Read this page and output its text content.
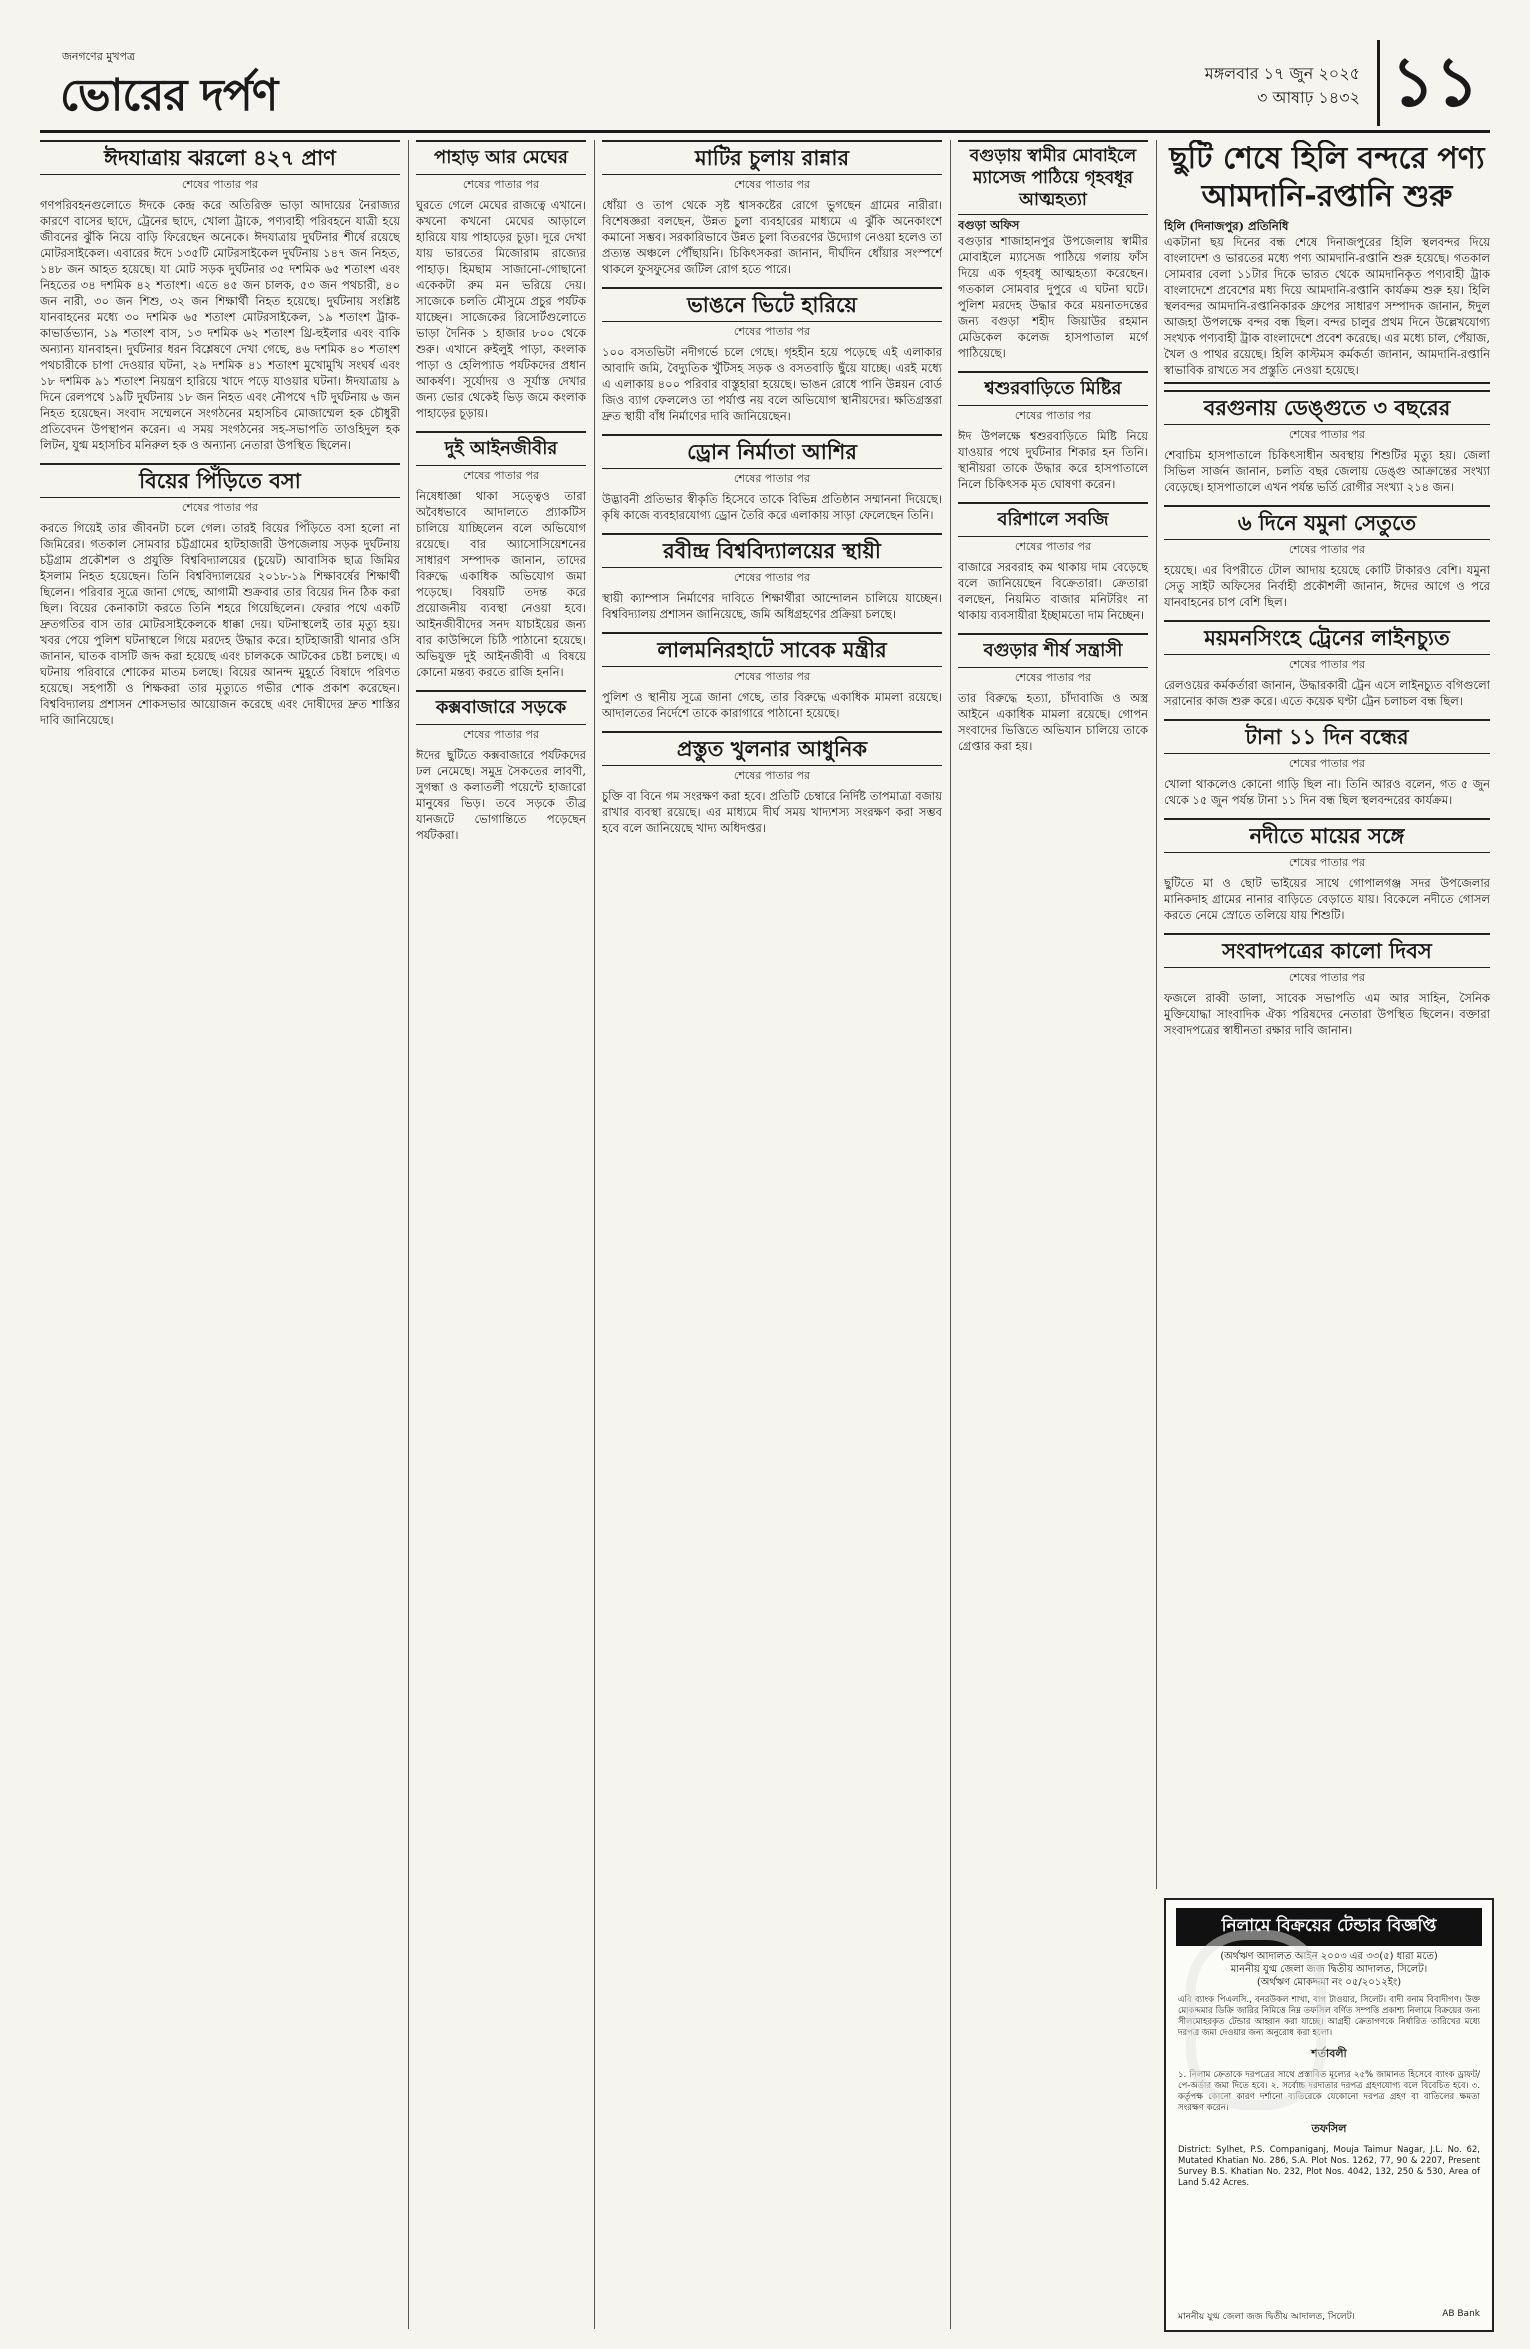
জনগণের মুখপত্র
ভোরের দর্পণ	মঙ্গলবার ১৭ জুন ২০২৫
৩ আষাঢ় ১৪৩২ ১১
ঈদযাত্রায় ঝরলো ৪২৭ প্রাণ
শেষের পাতার পর

গণপরিবহনগুলোতে ঈদকে কেন্দ্র করে অতিরিক্ত ভাড়া আদায়ের নৈরাজ্যর কারণে বাসের ছাদে, ট্রেনের ছাদে, খোলা ট্রাকে, পণ্যবাহী পরিবহনে যাত্রী হয়ে জীবনের ঝুঁকি নিয়ে বাড়ি ফিরেছেন অনেকে। ঈদযাত্রায় দুর্ঘটনার শীর্ষে রয়েছে মোটরসাইকেল। এবারের ঈদে ১৩৫টি মোটরসাইকেল দুর্ঘটনায় ১৪৭ জন নিহত, ১৪৮ জন আহত হয়েছে। যা মোট সড়ক দুর্ঘটনার ৩৫ দশমিক ৬৫ শতাংশ এবং নিহতের ৩৪ দশমিক ৪২ শতাংশ। এতে ৪৫ জন চালক, ৫৩ জন পথচারী, ৪০ জন নারী, ৩০ জন শিশু, ৩২ জন শিক্ষার্থী নিহত হয়েছে। দুর্ঘটনায় সংশ্লিষ্ট যানবাহনের মধ্যে ৩০ দশমিক ৬৫ শতাংশ মোটরসাইকেল, ১৯ শতাংশ ট্রাক-কাভার্ডভ্যান, ১৯ শতাংশ বাস, ১৩ দশমিক ৬২ শতাংশ থ্রি-হুইলার এবং বাকি অন্যান্য যানবাহন। দুর্ঘটনার ধরন বিশ্লেষণে দেখা গেছে, ৪৬ দশমিক ৪০ শতাংশ পথচারীকে চাপা দেওয়ার ঘটনা, ২৯ দশমিক ৪১ শতাংশ মুখোমুখি সংঘর্ষ এবং ১৮ দশমিক ৯১ শতাংশ নিয়ন্ত্রণ হারিয়ে খাদে পড়ে যাওয়ার ঘটনা। ঈদযাত্রায় ৯ দিনে রেলপথে ১৯টি দুর্ঘটনায় ১৮ জন নিহত এবং নৌপথে ৭টি দুর্ঘটনায় ৬ জন নিহত হয়েছেন। সংবাদ সম্মেলনে সংগঠনের মহাসচিব মোজাম্মেল হক চৌধুরী প্রতিবেদন উপস্থাপন করেন। এ সময় সংগঠনের সহ-সভাপতি তাওহিদুল হক লিটন, যুগ্ম মহাসচিব মনিরুল হক ও অন্যান্য নেতারা উপস্থিত ছিলেন।

বিয়ের পিঁড়িতে বসা
শেষের পাতার পর

করতে গিয়েই তার জীবনটা চলে গেল। তারই বিয়ের পিঁড়িতে বসা হলো না জিমিরের। গতকাল সোমবার চট্টগ্রামের হাটহাজারী উপজেলায় সড়ক দুর্ঘটনায় চট্টগ্রাম প্রকৌশল ও প্রযুক্তি বিশ্ববিদ্যালয়ের (চুয়েট) আবাসিক ছাত্র জিমির ইসলাম নিহত হয়েছেন। তিনি বিশ্ববিদ্যালয়ের ২০১৮-১৯ শিক্ষাবর্ষের শিক্ষার্থী ছিলেন। পরিবার সূত্রে জানা গেছে, আগামী শুক্রবার তার বিয়ের দিন ঠিক করা ছিল। বিয়ের কেনাকাটা করতে তিনি শহরে গিয়েছিলেন। ফেরার পথে একটি দ্রুতগতির বাস তার মোটরসাইকেলকে ধাক্কা দেয়। ঘটনাস্থলেই তার মৃত্যু হয়। খবর পেয়ে পুলিশ ঘটনাস্থলে গিয়ে মরদেহ উদ্ধার করে। হাটহাজারী থানার ওসি জানান, ঘাতক বাসটি জব্দ করা হয়েছে এবং চালককে আটকের চেষ্টা চলছে। এ ঘটনায় পরিবারে শোকের মাতম চলছে। বিয়ের আনন্দ মুহূর্তে বিষাদে পরিণত হয়েছে। সহপাঠী ও শিক্ষকরা তার মৃত্যুতে গভীর শোক প্রকাশ করেছেন। বিশ্ববিদ্যালয় প্রশাসন শোকসভার আয়োজন করেছে এবং দোষীদের দ্রুত শাস্তির দাবি জানিয়েছে।

পাহাড় আর মেঘের
শেষের পাতার পর

ঘুরতে গেলে মেঘের রাজত্বে এখানে। কখনো কখনো মেঘের আড়ালে হারিয়ে যায় পাহাড়ের চূড়া। দূরে দেখা যায় ভারতের মিজোরাম রাজ্যের পাহাড়। হিমছাম সাজানো-গোছানো একেকটা রুম মন ভরিয়ে দেয়। সাজেকে চলতি মৌসুমে প্রচুর পর্যটক যাচ্ছেন। সাজেকের রিসোর্টগুলোতে ভাড়া দৈনিক ১ হাজার ৮০০ থেকে শুরু। এখানে রুইলুই পাড়া, কংলাক পাড়া ও হেলিপ্যাড পর্যটকদের প্রধান আকর্ষণ। সূর্যোদয় ও সূর্যাস্ত দেখার জন্য ভোর থেকেই ভিড় জমে কংলাক পাহাড়ের চূড়ায়।

দুই আইনজীবীর
শেষের পাতার পর

নিষেধাজ্ঞা থাকা সত্ত্বেও তারা অবৈধভাবে আদালতে প্র্যাকটিস চালিয়ে যাচ্ছিলেন বলে অভিযোগ রয়েছে। বার অ্যাসোসিয়েশনের সাধারণ সম্পাদক জানান, তাদের বিরুদ্ধে একাধিক অভিযোগ জমা পড়েছে। বিষয়টি তদন্ত করে প্রয়োজনীয় ব্যবস্থা নেওয়া হবে। আইনজীবীদের সনদ যাচাইয়ের জন্য বার কাউন্সিলে চিঠি পাঠানো হয়েছে। অভিযুক্ত দুই আইনজীবী এ বিষয়ে কোনো মন্তব্য করতে রাজি হননি।

কক্সবাজারে সড়কে
শেষের পাতার পর

ঈদের ছুটিতে কক্সবাজারে পর্যটকদের ঢল নেমেছে। সমুদ্র সৈকতের লাবণী, সুগন্ধা ও কলাতলী পয়েন্টে হাজারো মানুষের ভিড়। তবে সড়কে তীব্র যানজটে ভোগান্তিতে পড়েছেন পর্যটকরা।

মাটির চুলায় রান্নার
শেষের পাতার পর

ধোঁয়া ও তাপ থেকে সৃষ্ট শ্বাসকষ্টের রোগে ভুগছেন গ্রামের নারীরা। বিশেষজ্ঞরা বলছেন, উন্নত চুলা ব্যবহারের মাধ্যমে এ ঝুঁকি অনেকাংশে কমানো সম্ভব। সরকারিভাবে উন্নত চুলা বিতরণের উদ্যোগ নেওয়া হলেও তা প্রত্যন্ত অঞ্চলে পৌঁছায়নি। চিকিৎসকরা জানান, দীর্ঘদিন ধোঁয়ার সংস্পর্শে থাকলে ফুসফুসের জটিল রোগ হতে পারে।

ভাঙনে ভিটে হারিয়ে
শেষের পাতার পর

১০০ বসতভিটা নদীগর্ভে চলে গেছে। গৃহহীন হয়ে পড়েছে এই এলাকার আবাদি জমি, বৈদ্যুতিক খুঁটিসহ সড়ক ও বসতবাড়ি ছুঁয়ে যাচ্ছে। এরই মধ্যে এ এলাকায় ৪০০ পরিবার বাস্তুহারা হয়েছে। ভাঙন রোধে পানি উন্নয়ন বোর্ড জিও ব্যাগ ফেললেও তা পর্যাপ্ত নয় বলে অভিযোগ স্থানীয়দের। ক্ষতিগ্রস্তরা দ্রুত স্থায়ী বাঁধ নির্মাণের দাবি জানিয়েছেন।

ড্রোন নির্মাতা আশির
শেষের পাতার পর

উদ্ভাবনী প্রতিভার স্বীকৃতি হিসেবে তাকে বিভিন্ন প্রতিষ্ঠান সম্মাননা দিয়েছে। কৃষি কাজে ব্যবহারযোগ্য ড্রোন তৈরি করে এলাকায় সাড়া ফেলেছেন তিনি।

রবীন্দ্র বিশ্ববিদ্যালয়ের স্থায়ী
শেষের পাতার পর

স্থায়ী ক্যাম্পাস নির্মাণের দাবিতে শিক্ষার্থীরা আন্দোলন চালিয়ে যাচ্ছেন। বিশ্ববিদ্যালয় প্রশাসন জানিয়েছে, জমি অধিগ্রহণের প্রক্রিয়া চলছে।

লালমনিরহাটে সাবেক মন্ত্রীর
শেষের পাতার পর

পুলিশ ও স্থানীয় সূত্রে জানা গেছে, তার বিরুদ্ধে একাধিক মামলা রয়েছে। আদালতের নির্দেশে তাকে কারাগারে পাঠানো হয়েছে।

প্রস্তুত খুলনার আধুনিক
শেষের পাতার পর

চুক্তি বা বিনে গম সংরক্ষণ করা হবে। প্রতিটি চেম্বারে নির্দিষ্ট তাপমাত্রা বজায় রাখার ব্যবস্থা রয়েছে। এর মাধ্যমে দীর্ঘ সময় খাদ্যশস্য সংরক্ষণ করা সম্ভব হবে বলে জানিয়েছে খাদ্য অধিদপ্তর।

বগুড়ায় স্বামীর মোবাইলে ম্যাসেজ পাঠিয়ে গৃহবধূর আত্মহত্যা

বগুড়া অফিস

বগুড়ার শাজাহানপুর উপজেলায় স্বামীর মোবাইলে ম্যাসেজ পাঠিয়ে গলায় ফাঁস দিয়ে এক গৃহবধূ আত্মহত্যা করেছেন। গতকাল সোমবার দুপুরে এ ঘটনা ঘটে। পুলিশ মরদেহ উদ্ধার করে ময়নাতদন্তের জন্য বগুড়া শহীদ জিয়াউর রহমান মেডিকেল কলেজ হাসপাতাল মর্গে পাঠিয়েছে।

শ্বশুরবাড়িতে মিষ্টির
শেষের পাতার পর

ঈদ উপলক্ষে শ্বশুরবাড়িতে মিষ্টি নিয়ে যাওয়ার পথে দুর্ঘটনার শিকার হন তিনি। স্থানীয়রা তাকে উদ্ধার করে হাসপাতালে নিলে চিকিৎসক মৃত ঘোষণা করেন।

বরিশালে সবজি
শেষের পাতার পর

বাজারে সরবরাহ কম থাকায় দাম বেড়েছে বলে জানিয়েছেন বিক্রেতারা। ক্রেতারা বলছেন, নিয়মিত বাজার মনিটরিং না থাকায় ব্যবসায়ীরা ইচ্ছামতো দাম নিচ্ছেন।

বগুড়ার শীর্ষ সন্ত্রাসী
শেষের পাতার পর

তার বিরুদ্ধে হত্যা, চাঁদাবাজি ও অস্ত্র আইনে একাধিক মামলা রয়েছে। গোপন সংবাদের ভিত্তিতে অভিযান চালিয়ে তাকে গ্রেপ্তার করা হয়।

ছুটি শেষে হিলি বন্দরে পণ্য আমদানি-রপ্তানি শুরু

হিলি (দিনাজপুর) প্রতিনিধি

একটানা ছয় দিনের বন্ধ শেষে দিনাজপুরের হিলি স্থলবন্দর দিয়ে বাংলাদেশ ও ভারতের মধ্যে পণ্য আমদানি-রপ্তানি শুরু হয়েছে। গতকাল সোমবার বেলা ১১টার দিকে ভারত থেকে আমদানিকৃত পণ্যবাহী ট্রাক বাংলাদেশে প্রবেশের মধ্য দিয়ে আমদানি-রপ্তানি কার্যক্রম শুরু হয়। হিলি স্থলবন্দর আমদানি-রপ্তানিকারক গ্রুপের সাধারণ সম্পাদক জানান, ঈদুল আজহা উপলক্ষে বন্দর বন্ধ ছিল। বন্দর চালুর প্রথম দিনে উল্লেখযোগ্য সংখ্যক পণ্যবাহী ট্রাক বাংলাদেশে প্রবেশ করেছে। এর মধ্যে চাল, পেঁয়াজ, খৈল ও পাথর রয়েছে। হিলি কাস্টমস কর্মকর্তা জানান, আমদানি-রপ্তানি স্বাভাবিক রাখতে সব প্রস্তুতি নেওয়া হয়েছে।

বরগুনায় ডেঙ্গুতে ৩ বছরের
শেষের পাতার পর

শেবাচিম হাসপাতালে চিকিৎসাধীন অবস্থায় শিশুটির মৃত্যু হয়। জেলা সিভিল সার্জন জানান, চলতি বছর জেলায় ডেঙ্গু আক্রান্তের সংখ্যা বেড়েছে। হাসপাতালে এখন পর্যন্ত ভর্তি রোগীর সংখ্যা ২১৪ জন।

৬ দিনে যমুনা সেতুতে
শেষের পাতার পর

হয়েছে। এর বিপরীতে টোল আদায় হয়েছে কোটি টাকারও বেশি। যমুনা সেতু সাইট অফিসের নির্বাহী প্রকৌশলী জানান, ঈদের আগে ও পরে যানবাহনের চাপ বেশি ছিল।

ময়মনসিংহে ট্রেনের লাইনচ্যুত
শেষের পাতার পর

রেলওয়ের কর্মকর্তারা জানান, উদ্ধারকারী ট্রেন এসে লাইনচ্যুত বগিগুলো সরানোর কাজ শুরু করে। এতে কয়েক ঘণ্টা ট্রেন চলাচল বন্ধ ছিল।

টানা ১১ দিন বন্ধের
শেষের পাতার পর

খোলা থাকলেও কোনো গাড়ি ছিল না। তিনি আরও বলেন, গত ৫ জুন থেকে ১৫ জুন পর্যন্ত টানা ১১ দিন বন্ধ ছিল স্থলবন্দরের কার্যক্রম।

নদীতে মায়ের সঙ্গে
শেষের পাতার পর

ছুটিতে মা ও ছোট ভাইয়ের সাথে গোপালগঞ্জ সদর উপজেলার মানিকদাহ গ্রামের নানার বাড়িতে বেড়াতে যায়। বিকেলে নদীতে গোসল করতে নেমে স্রোতে তলিয়ে যায় শিশুটি।

সংবাদপত্রের কালো দিবস
শেষের পাতার পর

ফজলে রাব্বী ডালা, সাবেক সভাপতি এম আর সাহিন, সৈনিক মুক্তিযোদ্ধা সাংবাদিক ঐক্য পরিষদের নেতারা উপস্থিত ছিলেন। বক্তারা সংবাদপত্রের স্বাধীনতা রক্ষার দাবি জানান।

নিলামে বিক্রয়ের টেন্ডার বিজ্ঞপ্তি
(অর্থঋণ আদালত আইন ২০০৩ এর ৩৩(৫) ধারা মতে)
মাননীয় যুগ্ম জেলা জজ দ্বিতীয় আদালত, সিলেট।
(অর্থঋণ মোকদ্দমা নং ০৫/২০১২ইং)
এবি ব্যাংক পিএলসি., বনরউকল শাখা, বাগ টাওয়ার, সিলেট। বাদী বনাম বিবাদীগণ। উক্ত মোকদ্দমার ডিক্রি জারির নিমিত্তে নিম্ন তফসিল বর্ণিত সম্পত্তি প্রকাশ্য নিলামে বিক্রয়ের জন্য সীলমোহরকৃত টেন্ডার আহ্বান করা যাচ্ছে। আগ্রহী ক্রেতাগণকে নির্ধারিত তারিখের মধ্যে দরপত্র জমা দেওয়ার জন্য অনুরোধ করা হলো।
শর্তাবলী
১. নিলাম ক্রেতাকে দরপত্রের সাথে প্রস্তাবিত মূল্যের ২৫% জামানত হিসেবে ব্যাংক ড্রাফট/পে-অর্ডার জমা দিতে হবে। ২. সর্বোচ্চ দরদাতার দরপত্র গ্রহণযোগ্য বলে বিবেচিত হবে। ৩. কর্তৃপক্ষ কোনো কারণ দর্শানো ব্যতিরেকে যেকোনো দরপত্র গ্রহণ বা বাতিলের ক্ষমতা সংরক্ষণ করেন।
তফসিল
District: Sylhet, P.S. Companiganj, Mouja Taimur Nagar, J.L. No. 62, Mutated Khatian No. 286, S.A. Plot Nos. 1262, 77, 90 & 2207, Present Survey B.S. Khatian No. 232, Plot Nos. 4042, 132, 250 & 530, Area of Land 5.42 Acres.
মাননীয় যুগ্ম জেলা জজ দ্বিতীয় আদালত, সিলেট।	AB Bank
